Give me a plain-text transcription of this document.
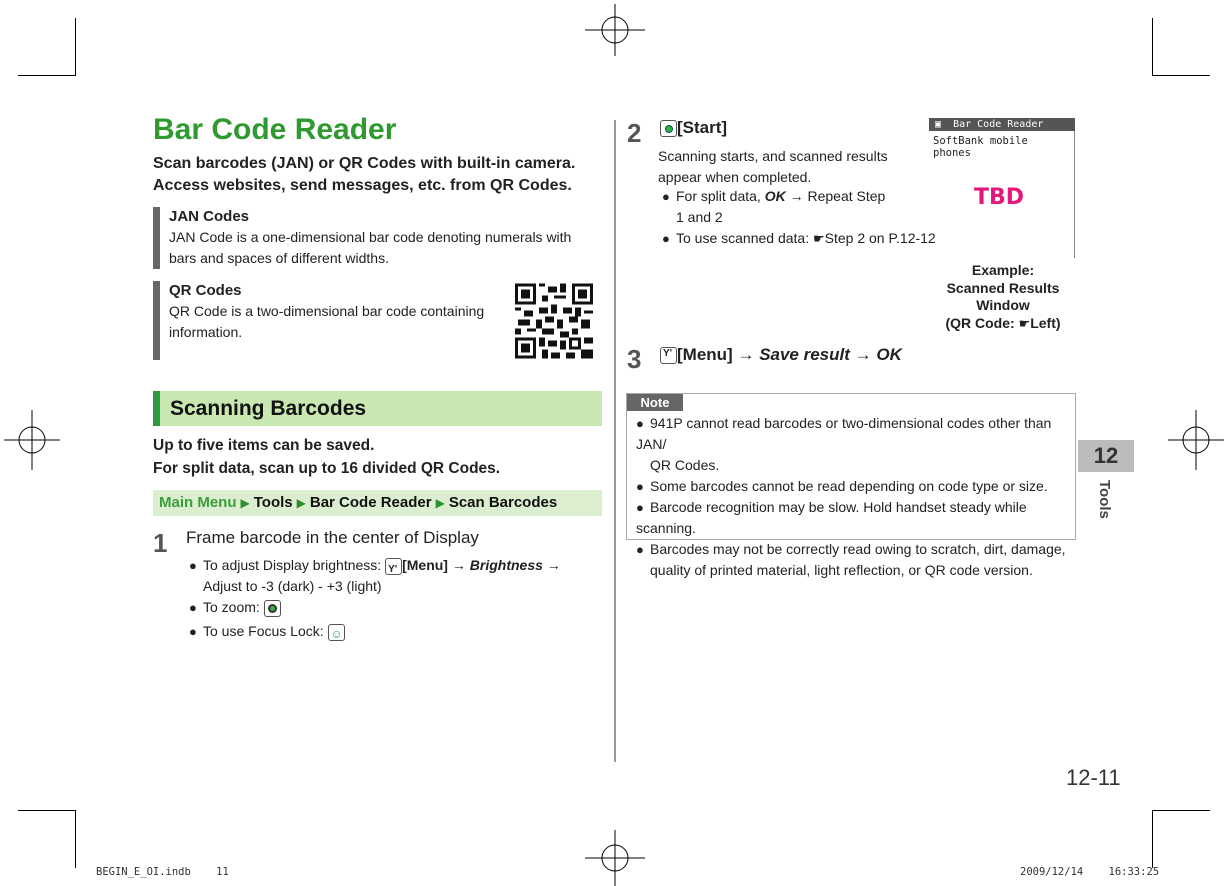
Bar Code Reader
Scan barcodes (JAN) or QR Codes with built-in camera.
Access websites, send messages, etc. from QR Codes.
JAN Codes

JAN Code is a one-dimensional bar code denoting numerals with bars and spaces of different widths.

QR Codes

QR Code is a two-dimensional bar code containing information.

Scanning Barcodes
Up to five items can be saved.
For split data, scan up to 16 divided QR Codes.
Main Menu ▶ Tools ▶ Bar Code Reader ▶ Scan Barcodes
1 Frame barcode in the center of Display
● To adjust Display brightness: Y'[Menu] → Brightness →
Adjust to -3 (dark) - +3 (light)
● To zoom:
● To use Focus Lock: ☺
2	[Start]
Scanning starts, and scanned results
appear when completed.
● For split data, OK → Repeat Step
1 and 2
● To use scanned data: ☛Step 2 on P.12-12
▣ Bar Code Reader
SoftBank mobile phones
TBD
Example:
Scanned Results
Window
(QR Code: ☛Left)
3
Y'	[Menu] → Save result → OK
Note
● 941P cannot read barcodes or two-dimensional codes other than JAN/
QR Codes.
● Some barcodes cannot be read depending on code type or size.
● Barcode recognition may be slow. Hold handset steady while scanning.
● Barcodes may not be correctly read owing to scratch, dirt, damage,
quality of printed material, light reflection, or QR code version.
12
Tools
12-11
BEGIN_E_OI.indb 11	2009/12/14 16:33:25
